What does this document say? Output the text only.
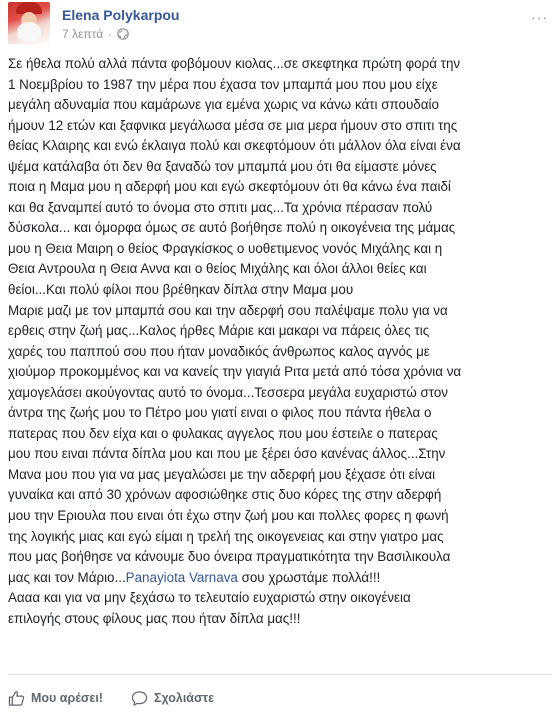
Elena Polykarpou
7 λεπτά ·
···
Σε ήθελα πολύ αλλά πάντα φοβόμουν κιολας...σε σκεφτηκα πρώτη φορά την
1 Νοεμβρίου το 1987 την μέρα που έχασα τον μπαμπά μου που μου είχε
μεγάλη αδυναμία που καμάρωνε για εμένα χωρις να κάνω κάτι σπουδαίο
ήμουν 12 ετών και ξαφνικα μεγάλωσα μέσα σε μια μερα ήμουν στο σπιτι της
θείας Κλαιρης και ενώ έκλαιγα πολύ και σκεφτόμουν ότι μάλλον όλα είναι ένα
ψέμα κατάλαβα ότι δεν θα ξαναδώ τον μπαμπά μου ότι θα είμαστε μόνες
ποια η Μαμα μου η αδερφή μου και εγώ σκεφτόμουν ότι θα κάνω ένα παιδί
και θα ξαναμπεί αυτό το όνομα στο σπιτι μας...Τα χρόνια πέρασαν πολύ
δύσκολα... και όμορφα όμως σε αυτό βοήθησε πολύ η οικογένεια της μάμας
μου η Θεια Μαιρη ο θείος Φραγκίσκος ο υοθετιμενος νονός Μιχάλης και η
Θεια Αντρουλα η Θεια Αννα και ο θείος Μιχάλης και όλοι άλλοι θείες και
θείοι...Και πολύ φίλοι που βρέθηκαν δίπλα στην Μαμα μου
Μαριε μαζι με τον μπαμπά σου και την αδερφή σου παλέψαμε πολυ για να
ερθεις στην ζωή μας...Καλος ήρθες Μάριε και μακαρι να πάρεις όλες τις
χαρές του παππού σου που ήταν μοναδικός άνθρωπος καλος αγνός με
χιούμορ προκομμένος και να κανείς την γιαγιά Ριτα μετά από τόσα χρόνια να
χαμογελάσει ακούγοντας αυτό το όνομα...Τεσσερα μεγάλα ευχαριστώ στον
άντρα της ζωής μου το Πέτρο μου γιατί ειναι ο φιλος που πάντα ήθελα ο
πατερας που δεν είχα και ο φυλακας αγγελος που μου έστειλε ο πατερας
μου που ειναι πάντα δίπλα μου και που με ξέρει όσο κανένας άλλος...Στην
Μανα μου που για να μας μεγαλώσει με την αδερφή μου ξέχασε ότι είναι
γυναίκα και από 30 χρόνων αφοσιώθηκε στις δυο κόρες της στην αδερφή
μου την Εριουλα που ειναι ότι έχω στην ζωή μου και πολλες φορες η φωνή
της λογικής μιας και εγώ είμαι η τρελή της οικογενειας και στην γιατρο μας
που μας βοήθησε να κάνουμε δυο όνειρα πραγματικότητα την Βασιλικουλα
μας και τον Μάριο...Panayiota Varnava σου χρωστάμε πολλά!!!
Αααα και για να μην ξεχάσω το τελευταίο ευχαριστώ στην οικογένεια
επιλογής στους φίλους μας που ήταν δίπλα μας!!!
Μου αρέσει!	Σχολιάστε
